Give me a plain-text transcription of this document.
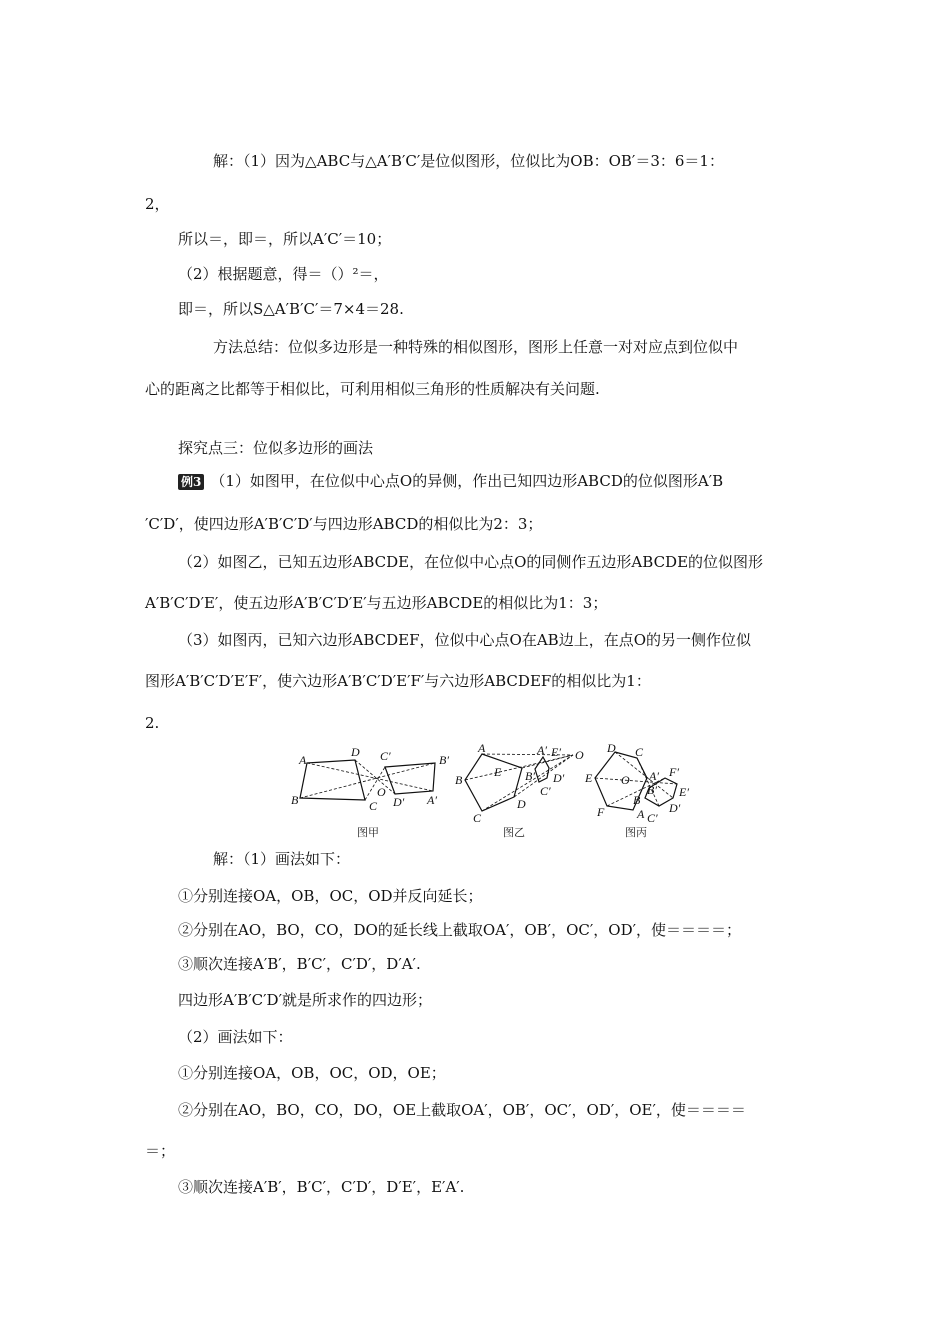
解：（1）因为△ABC与△A′B′C′是位似图形，位似比为OB：OB′＝3：6＝1：
2，
所以＝，即＝，所以A′C′＝10；
（2）根据题意，得＝（）²＝，
即＝，所以S△A′B′C′＝7×4＝28.
方法总结：位似多边形是一种特殊的相似图形，图形上任意一对对应点到位似中
心的距离之比都等于相似比，可利用相似三角形的性质解决有关问题.
探究点三：位似多边形的画法
例3 （1）如图甲，在位似中心点O的异侧，作出已知四边形ABCD的位似图形A′B
′C′D′，使四边形A′B′C′D′与四边形ABCD的相似比为2：3；
（2）如图乙，已知五边形ABCDE，在位似中心点O的同侧作五边形ABCDE的位似图形
A′B′C′D′E′，使五边形A′B′C′D′E′与五边形ABCDE的相似比为1：3；
（3）如图丙，已知六边形ABCDEF，位似中心点O在AB边上，在点O的另一侧作位似
图形A′B′C′D′E′F′，使六边形A′B′C′D′E′F′与六边形ABCDEF的相似比为1：
2.
A
B	C
D
O
A′
B′
C′
D′
图甲
A
B
C
D
E
O
A′
B′
C′
D′
E′
图乙
D C
E O
F
B
A
A′
B′
C′
D′
E′
F′
图丙
解：（1）画法如下：
①分别连接OA，OB，OC，OD并反向延长；
②分别在AO，BO，CO，DO的延长线上截取OA′，OB′，OC′，OD′，使＝＝＝＝；
③顺次连接A′B′，B′C′，C′D′，D′A′.
四边形A′B′C′D′就是所求作的四边形；
（2）画法如下：
①分别连接OA，OB，OC，OD，OE；
②分别在AO，BO，CO，DO，OE上截取OA′，OB′，OC′，OD′，OE′，使＝＝＝＝
＝；
③顺次连接A′B′，B′C′，C′D′，D′E′，E′A′.
